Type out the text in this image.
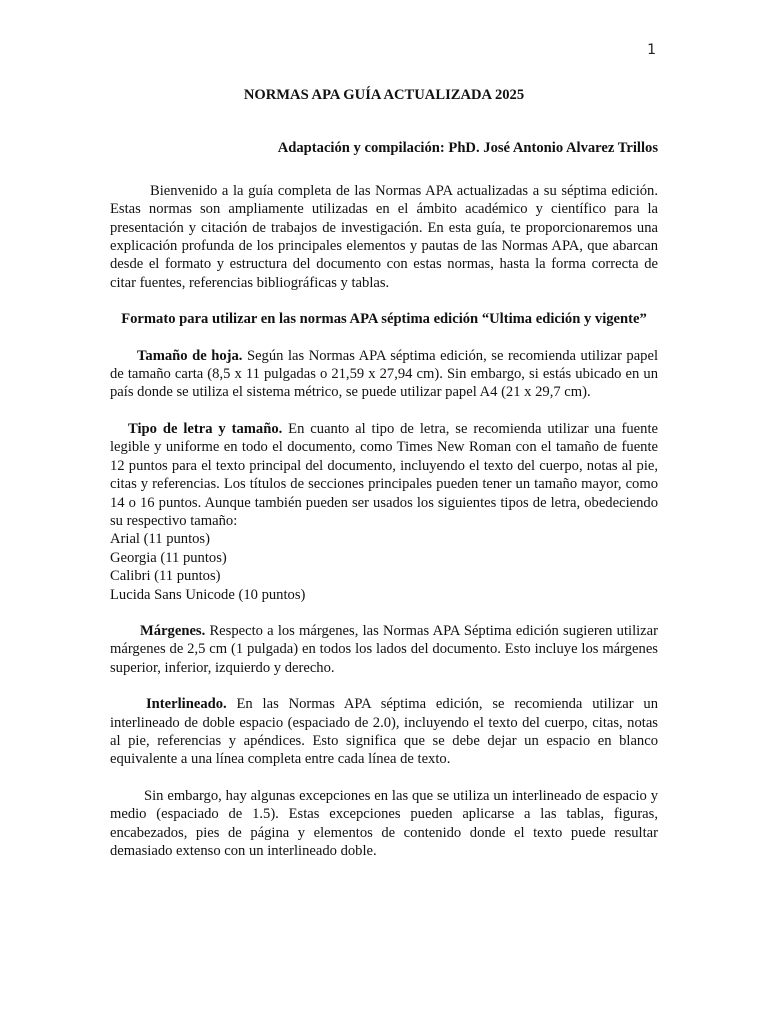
1

NORMAS APA GUÍA ACTUALIZADA 2025

Adaptación y compilación: PhD. José Antonio Alvarez Trillos

Bienvenido a la guía completa de las Normas APA actualizadas a su séptima edición. Estas normas son ampliamente utilizadas en el ámbito académico y científico para la presentación y citación de trabajos de investigación. En esta guía, te proporcionaremos una explicación profunda de los principales elementos y pautas de las Normas APA, que abarcan desde el formato y estructura del documento con estas normas, hasta la forma correcta de citar fuentes, referencias bibliográficas y tablas.

Formato para utilizar en las normas APA séptima edición “Ultima edición y vigente”

Tamaño de hoja. Según las Normas APA séptima edición, se recomienda utilizar papel de tamaño carta (8,5 x 11 pulgadas o 21,59 x 27,94 cm). Sin embargo, si estás ubicado en un país donde se utiliza el sistema métrico, se puede utilizar papel A4 (21 x 29,7 cm).

Tipo de letra y tamaño. En cuanto al tipo de letra, se recomienda utilizar una fuente legible y uniforme en todo el documento, como Times New Roman con el tamaño de fuente 12 puntos para el texto principal del documento, incluyendo el texto del cuerpo, notas al pie, citas y referencias. Los títulos de secciones principales pueden tener un tamaño mayor, como 14 o 16 puntos. Aunque también pueden ser usados los siguientes tipos de letra, obedeciendo su respectivo tamaño:

Arial (11 puntos)
Georgia (11 puntos)
Calibri (11 puntos)
Lucida Sans Unicode (10 puntos)

Márgenes. Respecto a los márgenes, las Normas APA Séptima edición sugieren utilizar márgenes de 2,5 cm (1 pulgada) en todos los lados del documento. Esto incluye los márgenes superior, inferior, izquierdo y derecho.

Interlineado. En las Normas APA séptima edición, se recomienda utilizar un interlineado de doble espacio (espaciado de 2.0), incluyendo el texto del cuerpo, citas, notas al pie, referencias y apéndices. Esto significa que se debe dejar un espacio en blanco equivalente a una línea completa entre cada línea de texto.

Sin embargo, hay algunas excepciones en las que se utiliza un interlineado de espacio y medio (espaciado de 1.5). Estas excepciones pueden aplicarse a las tablas, figuras, encabezados, pies de página y elementos de contenido donde el texto puede resultar demasiado extenso con un interlineado doble.
